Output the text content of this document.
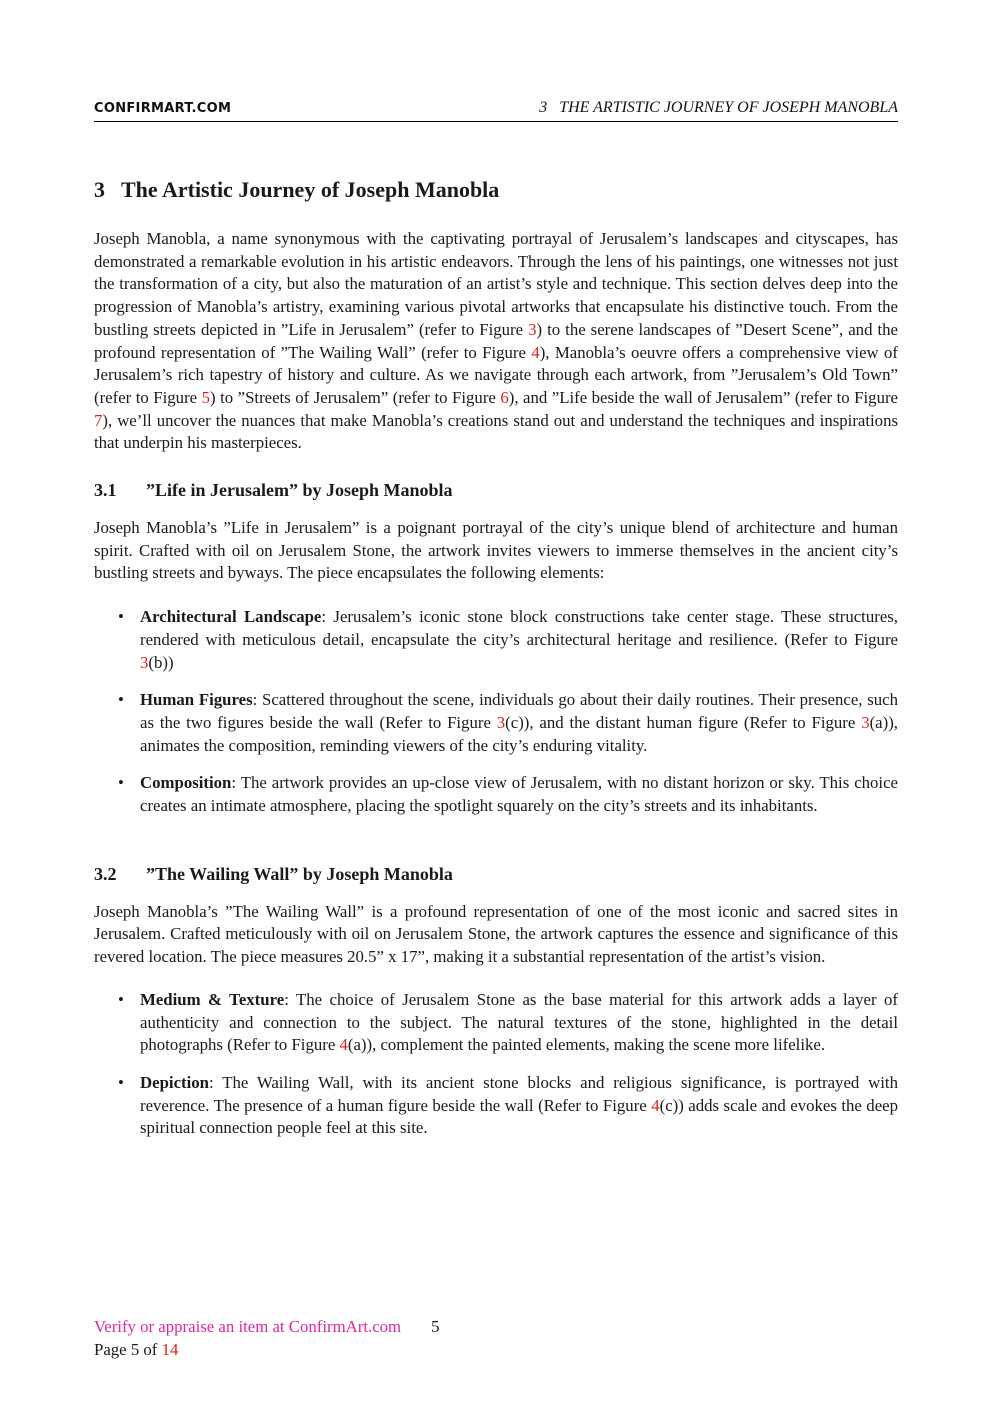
CONFIRMART.COM	3 THE ARTISTIC JOURNEY OF JOSEPH MANOBLA
3 The Artistic Journey of Joseph Manobla

Joseph Manobla, a name synonymous with the captivating portrayal of Jerusalem’s landscapes and cityscapes, has demonstrated a remarkable evolution in his artistic endeavors. Through the lens of his paintings, one witnesses not just the transformation of a city, but also the maturation of an artist’s style and technique. This section delves deep into the progression of Manobla’s artistry, examining various pivotal artworks that encapsulate his distinctive touch. From the bustling streets depicted in ”Life in Jerusalem” (refer to Figure 3) to the serene landscapes of ”Desert Scene”, and the profound representation of ”The Wailing Wall” (refer to Figure 4), Manobla’s oeuvre offers a comprehensive view of Jerusalem’s rich tapestry of history and culture. As we navigate through each artwork, from ”Jerusalem’s Old Town” (refer to Figure 5) to ”Streets of Jerusalem” (refer to Figure 6), and ”Life beside the wall of Jerusalem” (refer to Figure 7), we’ll uncover the nuances that make Manobla’s creations stand out and understand the techniques and inspirations that underpin his masterpieces.

3.1 ”Life in Jerusalem” by Joseph Manobla

Joseph Manobla’s ”Life in Jerusalem” is a poignant portrayal of the city’s unique blend of architecture and human spirit. Crafted with oil on Jerusalem Stone, the artwork invites viewers to immerse themselves in the ancient city’s bustling streets and byways. The piece encapsulates the following elements:

• Architectural Landscape: Jerusalem’s iconic stone block constructions take center stage. These structures, rendered with meticulous detail, encapsulate the city’s architectural heritage and resilience. (Refer to Figure 3(b))
• Human Figures: Scattered throughout the scene, individuals go about their daily routines. Their presence, such as the two figures beside the wall (Refer to Figure 3(c)), and the distant human figure (Refer to Figure 3(a)), animates the composition, reminding viewers of the city’s enduring vitality.
• Composition: The artwork provides an up-close view of Jerusalem, with no distant horizon or sky. This choice creates an intimate atmosphere, placing the spotlight squarely on the city’s streets and its inhabitants.
3.2 ”The Wailing Wall” by Joseph Manobla

Joseph Manobla’s ”The Wailing Wall” is a profound representation of one of the most iconic and sacred sites in Jerusalem. Crafted meticulously with oil on Jerusalem Stone, the artwork captures the essence and significance of this revered location. The piece measures 20.5” x 17”, making it a substantial representation of the artist’s vision.

• Medium & Texture: The choice of Jerusalem Stone as the base material for this artwork adds a layer of authenticity and connection to the subject. The natural textures of the stone, highlighted in the detail photographs (Refer to Figure 4(a)), complement the painted elements, making the scene more lifelike.
• Depiction: The Wailing Wall, with its ancient stone blocks and religious significance, is portrayed with reverence. The presence of a human figure beside the wall (Refer to Figure 4(c)) adds scale and evokes the deep spiritual connection people feel at this site.
Verify or appraise an item at ConfirmArt.com 5
Page 5 of 14
